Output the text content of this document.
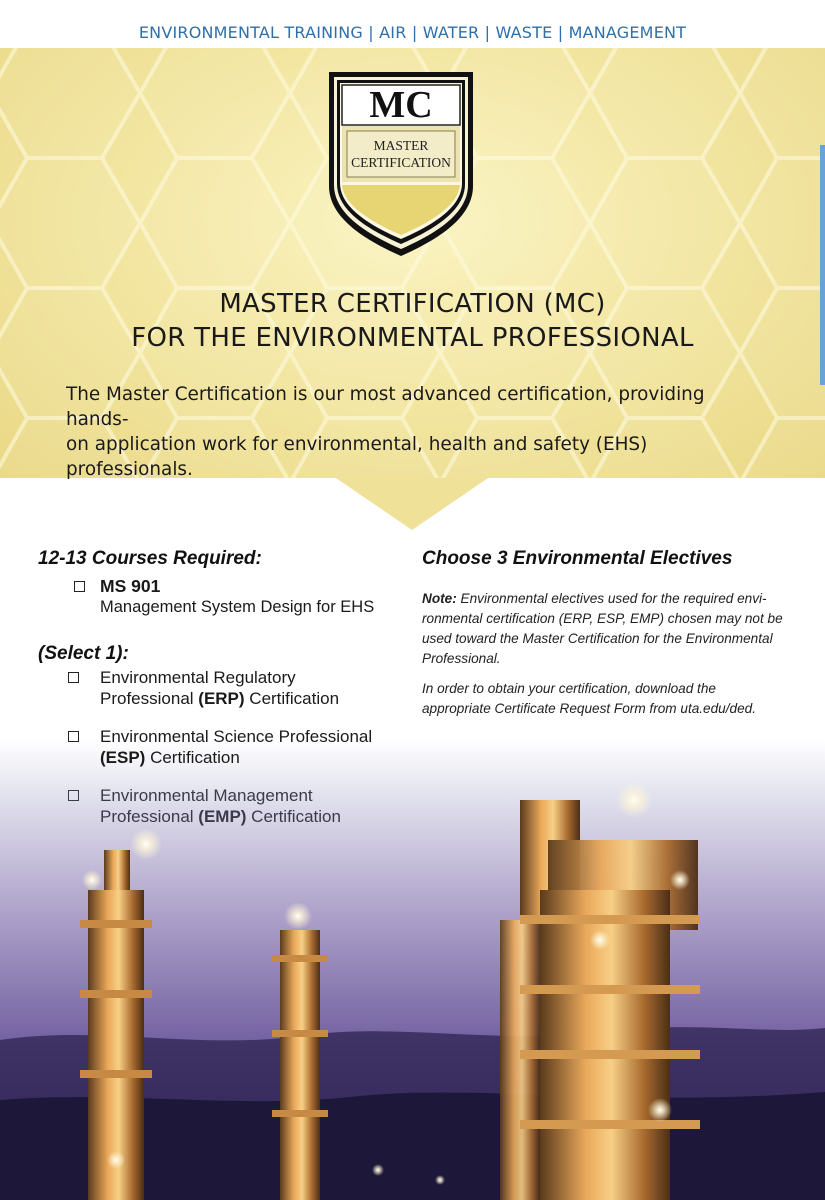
ENVIRONMENTAL TRAINING | AIR | WATER | WASTE | MANAGEMENT
MC
MASTER
CERTIFICATION
MASTER CERTIFICATION (MC)
FOR THE ENVIRONMENTAL PROFESSIONAL
The Master Certification is our most advanced certification, providing hands-
on application work for environmental, health and safety (EHS) professionals.

12-13 Courses Required:

MS 901
Management System Design for EHS

(Select 1):

Environmental Regulatory
Professional (ERP) Certification
Environmental Science Professional
(ESP) Certification
Environmental Management
Professional (EMP) Certification

Choose 3 Environmental Electives

Note: Environmental electives used for the required envi-
ronmental certification (ERP, ESP, EMP) chosen may not be
used toward the Master Certification for the Environmental
Professional.

In order to obtain your certification, download the
appropriate Certificate Request Form from uta.edu/ded.
